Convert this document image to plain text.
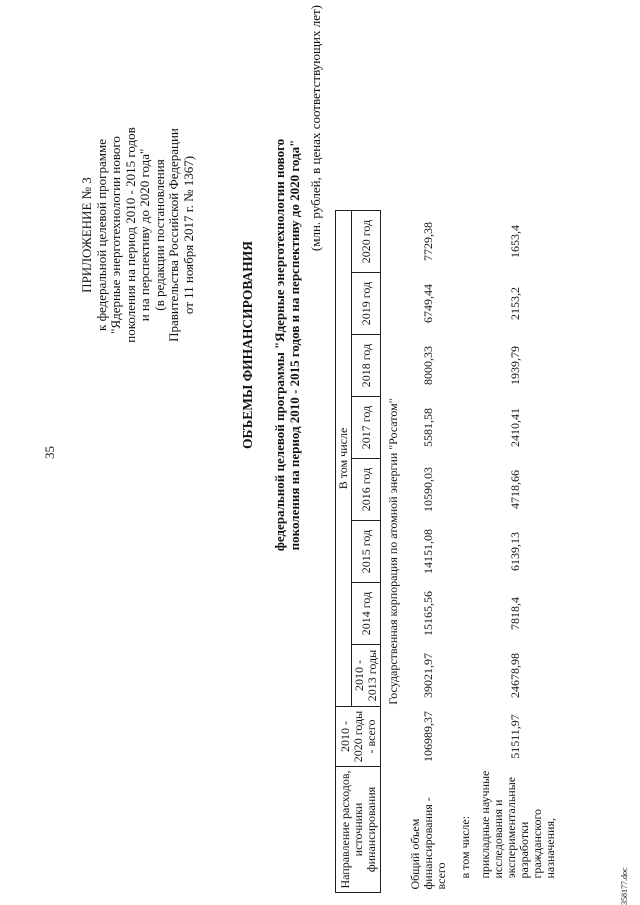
35
ПРИЛОЖЕНИЕ № 3 к федеральной целевой программе "Ядерные энерготехнологии нового поколения на период 2010 - 2015 годов и на перспективу до 2020 года" (в редакции постановления Правительства Российской Федерации от 11 ноября 2017 г. № 1367)
ОБЪЕМЫ ФИНАНСИРОВАНИЯ федеральной целевой программы "Ядерные энерготехнологии нового поколения на период 2010 - 2015 годов и на перспективу до 2020 года"
(млн. рублей, в ценах соответствующих лет)
Направление расходов, источники финансирования	2010 - 2020 годы - всего	В том числе							
		2010 - 2013 годы	2014 год	2015 год	2016 год	2017 год	2018 год	2019 год	2020 год
Государственная корпорация по атомной энергии "Росатом"									
Общий объем финансирования - всего	106989,37	39021,97	15165,56	14151,08	10590,03	5581,58	8000,33	6749,44	7729,38
в том числе:									
прикладные научные исследования и экспериментальные разработки гражданского назначения,	51511,97	24678,98	7818,4	6139,13	4718,66	2410,41	1939,79	2153,2	1653,4
358177.doc
